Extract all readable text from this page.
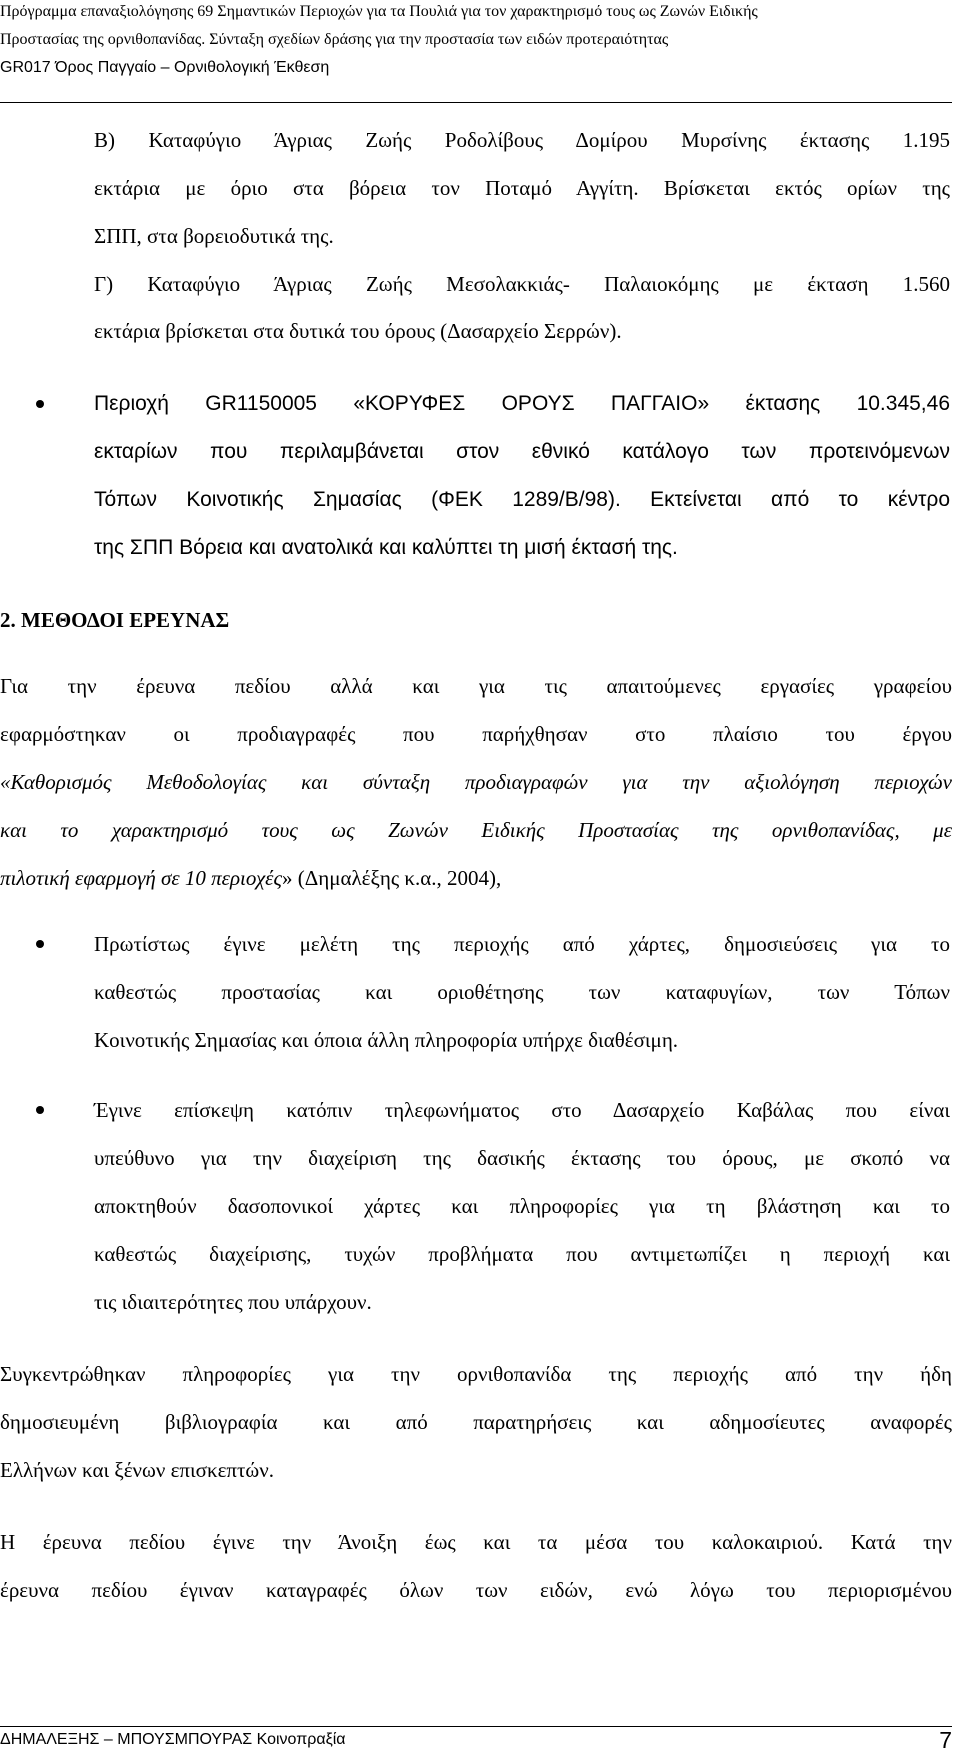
Πρόγραμμα επαναξιολόγησης 69 Σημαντικών Περιοχών για τα Πουλιά για τον χαρακτηρισμό τους ως Ζωνών Ειδικής
Προστασίας της ορνιθοπανίδας. Σύνταξη σχεδίων δράσης για την προστασία των ειδών προτεραιότητας
GR017 Όρος Παγγαίο – Ορνιθολογική Έκθεση
Β) Καταφύγιο Άγριας Ζωής Ροδολίβους Δομίρου Μυρσίνης έκτασης 1.195
εκτάρια με όριο στα βόρεια τον Ποταμό Αγγίτη. Βρίσκεται εκτός ορίων της
ΣΠΠ, στα βορειοδυτικά της.
Γ) Καταφύγιο Άγριας Ζωής Μεσολακκιάς- Παλαιοκόμης με έκταση 1.560
εκτάρια βρίσκεται στα δυτικά του όρους (Δασαρχείο Σερρών).
Περιοχή GR1150005 «ΚΟΡΥΦΕΣ ΟΡΟΥΣ ΠΑΓΓΑΙΟ» έκτασης 10.345,46
εκταρίων που περιλαμβάνεται στον εθνικό κατάλογο των προτεινόμενων
Τόπων Κοινοτικής Σημασίας (ΦΕΚ 1289/Β/98). Εκτείνεται από το κέντρο
της ΣΠΠ Βόρεια και ανατολικά και καλύπτει τη μισή έκτασή της.
2. ΜΕΘΟΔΟΙ ΕΡΕΥΝΑΣ
Για την έρευνα πεδίου αλλά και για τις απαιτούμενες εργασίες γραφείου
εφαρμόστηκαν οι προδιαγραφές που παρήχθησαν στο πλαίσιο του έργου
«Καθορισμός Μεθοδολογίας και σύνταξη προδιαγραφών για την αξιολόγηση περιοχών
και το χαρακτηρισμό τους ως Ζωνών Ειδικής Προστασίας της ορνιθοπανίδας, με
πιλοτική εφαρμογή σε 10 περιοχές» (Δημαλέξης κ.α., 2004),
Πρωτίστως έγινε μελέτη της περιοχής από χάρτες, δημοσιεύσεις για το
καθεστώς προστασίας και οριοθέτησης των καταφυγίων, των Τόπων
Κοινοτικής Σημασίας και όποια άλλη πληροφορία υπήρχε διαθέσιμη.
Έγινε επίσκεψη κατόπιν τηλεφωνήματος στο Δασαρχείο Καβάλας που είναι
υπεύθυνο για την διαχείριση της δασικής έκτασης του όρους, με σκοπό να
αποκτηθούν δασοπονικοί χάρτες και πληροφορίες για τη βλάστηση και το
καθεστώς διαχείρισης, τυχών προβλήματα που αντιμετωπίζει η περιοχή και
τις ιδιαιτερότητες που υπάρχουν.
Συγκεντρώθηκαν πληροφορίες για την ορνιθοπανίδα της περιοχής από την ήδη
δημοσιευμένη βιβλιογραφία και από παρατηρήσεις και αδημοσίευτες αναφορές
Ελλήνων και ξένων επισκεπτών.
Η έρευνα πεδίου έγινε την Άνοιξη έως και τα μέσα του καλοκαιριού. Κατά την
έρευνα πεδίου έγιναν καταγραφές όλων των ειδών, ενώ λόγω του περιορισμένου
ΔΗΜΑΛΕΞΗΣ – ΜΠΟΥΣΜΠΟΥΡΑΣ Κοινοπραξία	7
